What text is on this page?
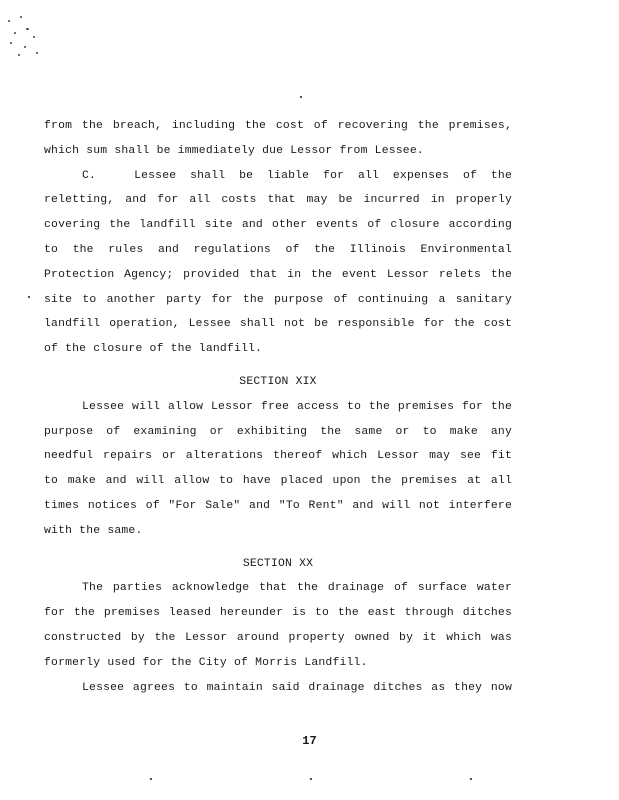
from the breach, including the cost of recovering the premises,
which sum shall be immediately due Lessor from Lessee.
C.	Lessee shall be liable for all expenses of the
reletting, and for all costs that may be incurred in properly
covering the landfill site and other events of closure according
to the rules and regulations of the Illinois Environmental
Protection Agency; provided that in the event Lessor relets the
site to another party for the purpose of continuing a sanitary
landfill operation, Lessee shall not be responsible for the cost
of the closure of the landfill.
SECTION XIX
Lessee will allow Lessor free access to the premises for the
purpose of examining or exhibiting the same or to make any
needful repairs or alterations thereof which Lessor may see fit
to make and will allow to have placed upon the premises at all
times notices of "For Sale" and "To Rent" and will not interfere
with the same.
SECTION XX
The parties acknowledge that the drainage of surface water
for the premises leased hereunder is to the east through ditches
constructed by the Lessor around property owned by it which was
formerly used for the City of Morris Landfill.
Lessee agrees to maintain said drainage ditches as they now
17
